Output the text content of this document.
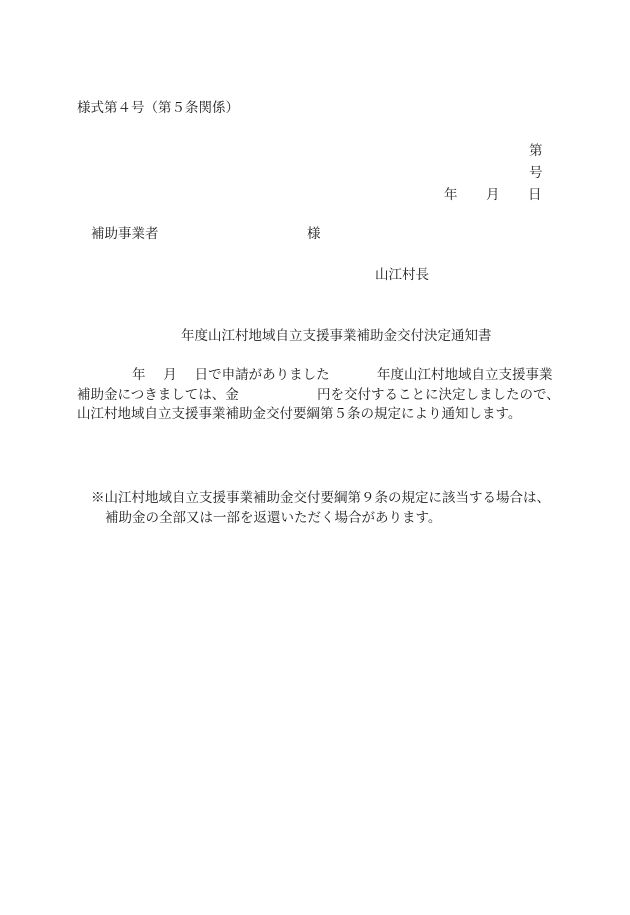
様式第４号（第５条関係）
第
号
年 月 日
補助事業者	様
山江村長
年度山江村地域自立支援事業補助金交付決定通知書
年　 月　 日で申請がありました	年度山江村地域自立支援事業
補助金につきましては、金	円を交付することに決定しましたので、
山江村地域自立支援事業補助金交付要綱第５条の規定により通知します。
※山江村地域自立支援事業補助金交付要綱第９条の規定に該当する場合は、
補助金の全部又は一部を返還いただく場合があります。
